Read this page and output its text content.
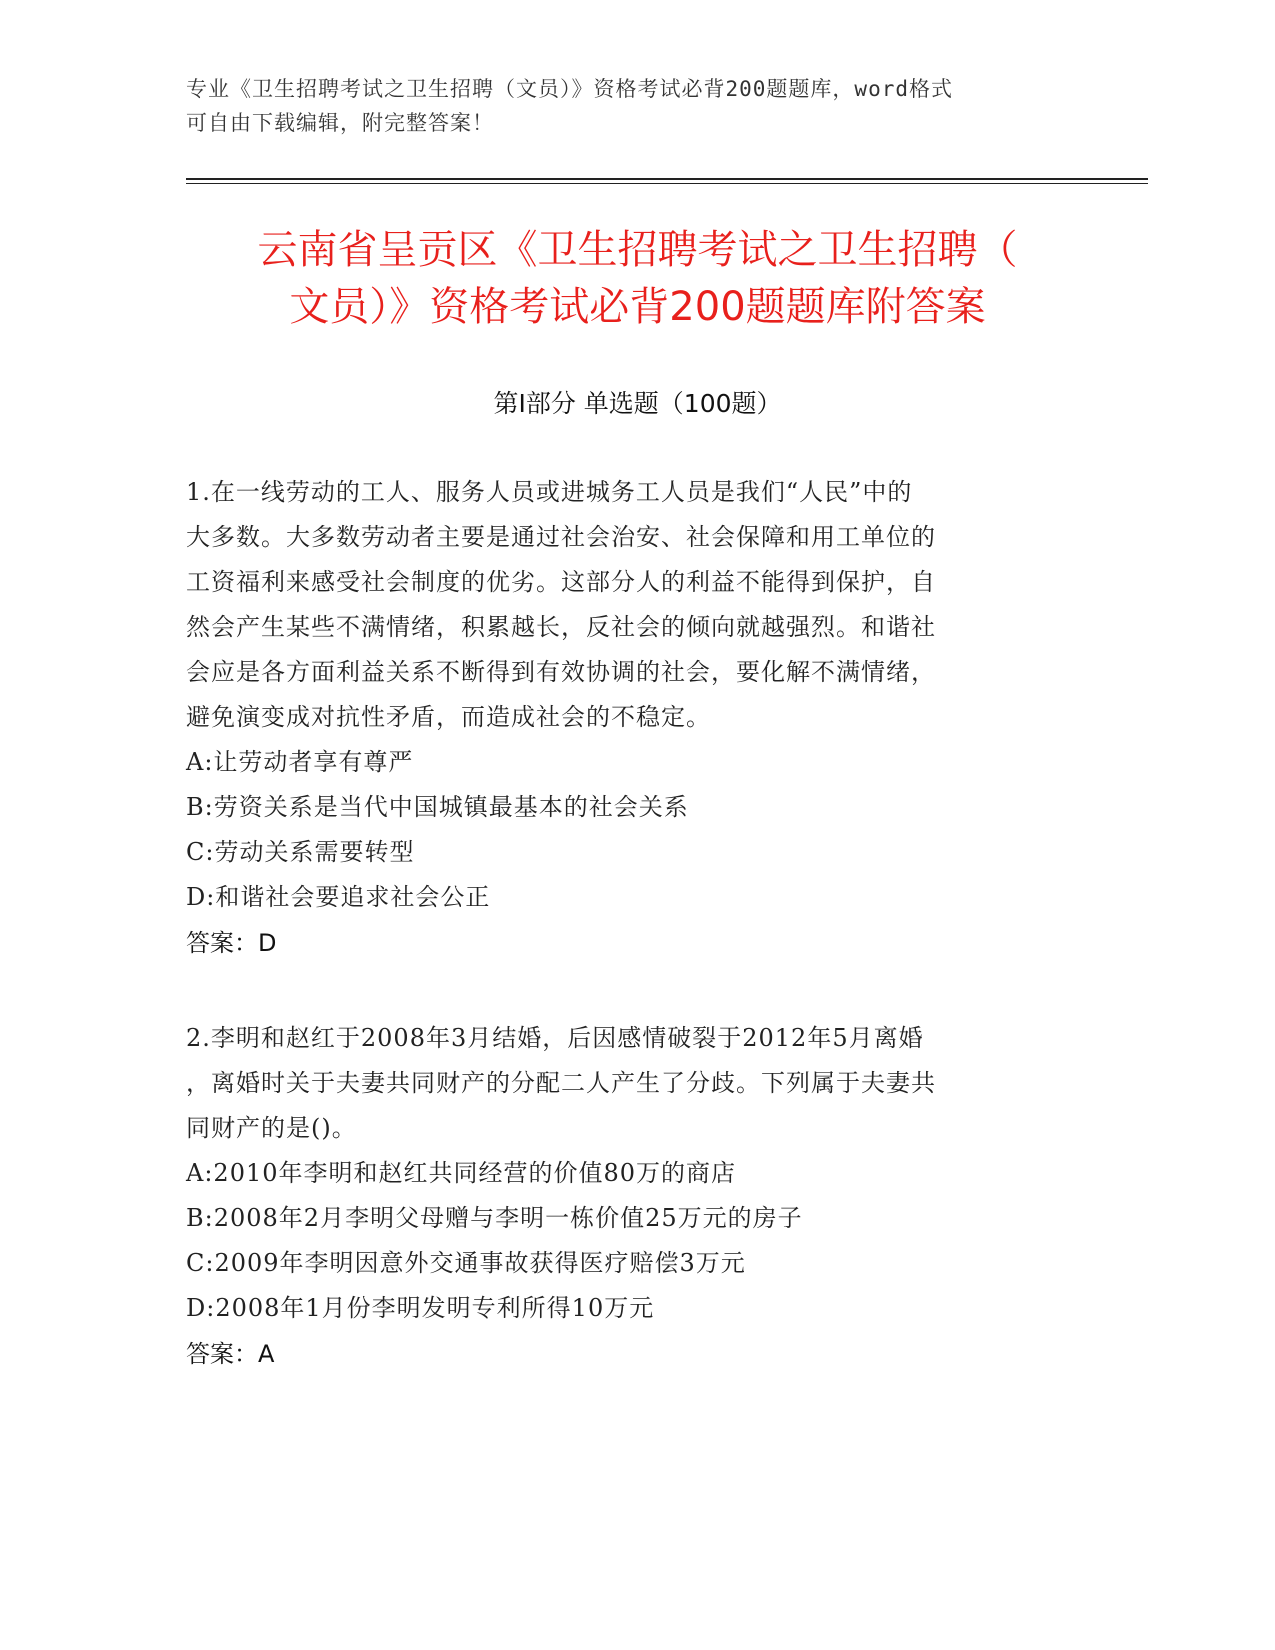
专业《卫生招聘考试之卫生招聘（文员）》资格考试必背200题题库，word格式
可自由下载编辑，附完整答案！
云南省呈贡区《卫生招聘考试之卫生招聘（
文员）》资格考试必背200题题库附答案
第Ⅰ部分 单选题（100题）

1.在一线劳动的工人、服务人员或进城务工人员是我们“人民”中的

大多数。大多数劳动者主要是通过社会治安、社会保障和用工单位的

工资福利来感受社会制度的优劣。这部分人的利益不能得到保护，自

然会产生某些不满情绪，积累越长，反社会的倾向就越强烈。和谐社

会应是各方面利益关系不断得到有效协调的社会，要化解不满情绪，

避免演变成对抗性矛盾，而造成社会的不稳定。

A:让劳动者享有尊严

B:劳资关系是当代中国城镇最基本的社会关系

C:劳动关系需要转型

D:和谐社会要追求社会公正

答案：D

2.李明和赵红于2008年3月结婚，后因感情破裂于2012年5月离婚

，离婚时关于夫妻共同财产的分配二人产生了分歧。下列属于夫妻共

同财产的是()。

A:2010年李明和赵红共同经营的价值80万的商店

B:2008年2月李明父母赠与李明一栋价值25万元的房子

C:2009年李明因意外交通事故获得医疗赔偿3万元

D:2008年1月份李明发明专利所得10万元

答案：A
